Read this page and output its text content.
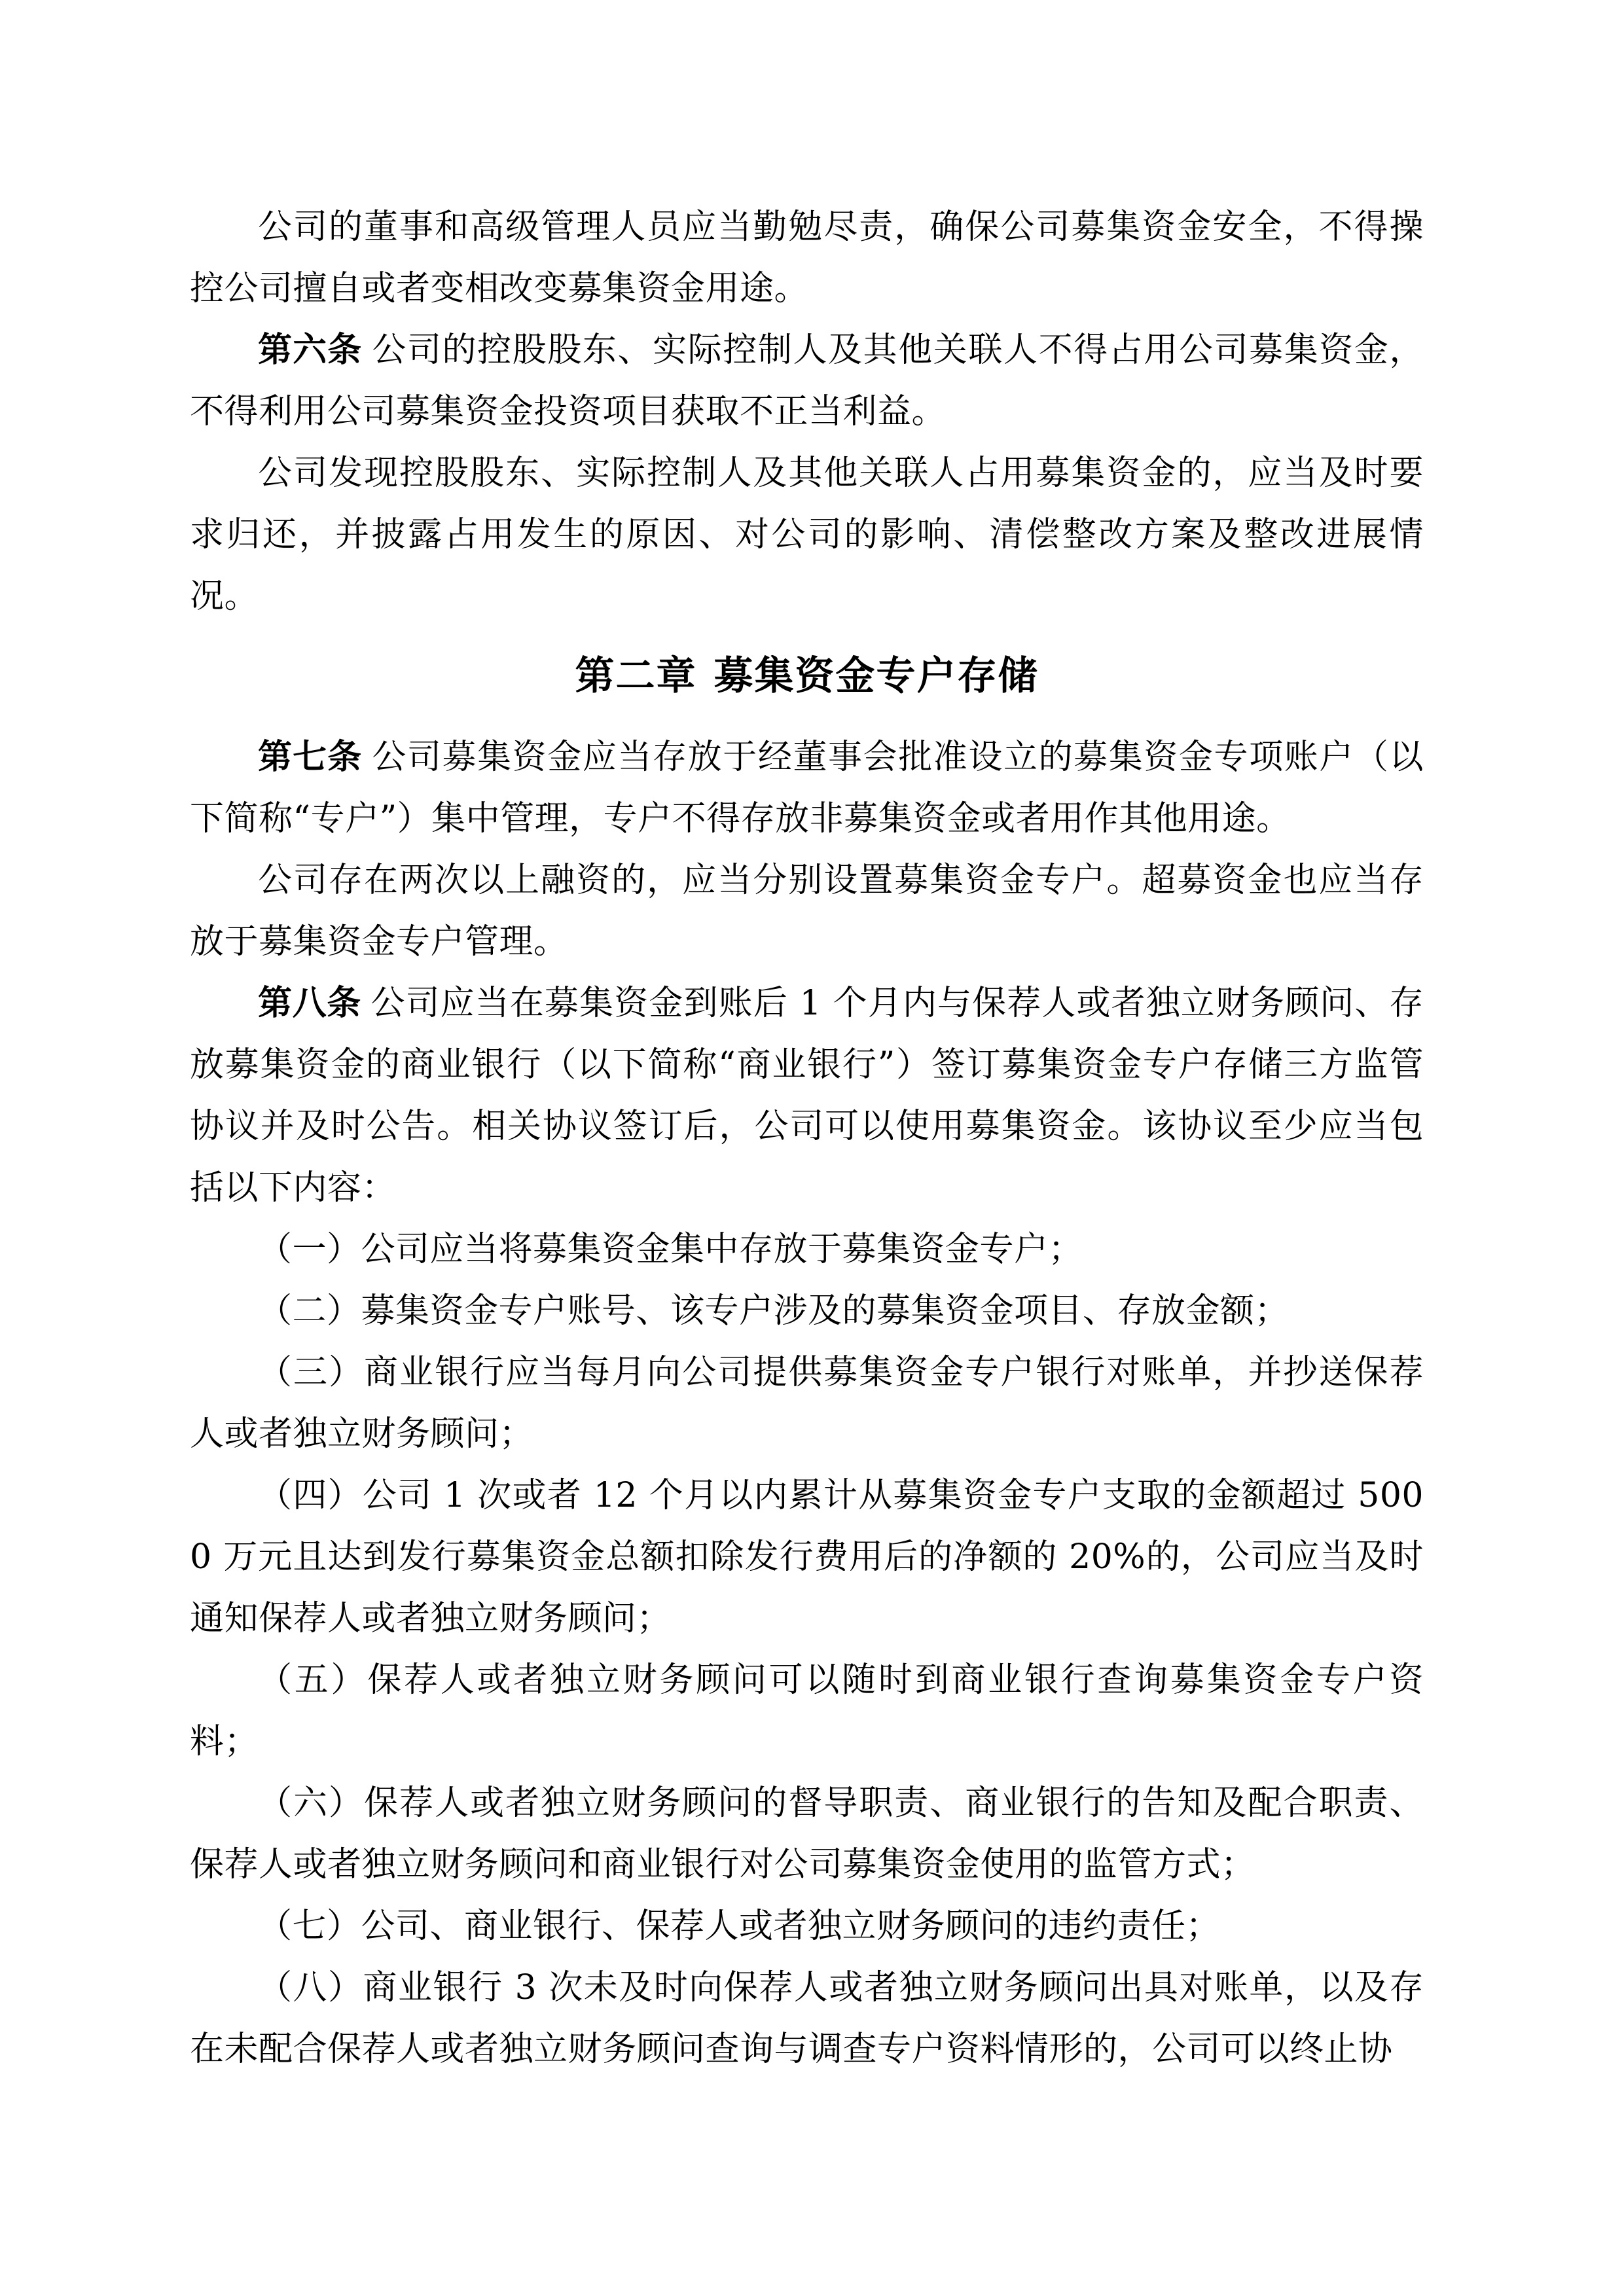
公司的董事和高级管理人员应当勤勉尽责，确保公司募集资金安全，不得操控公司擅自或者变相改变募集资金用途。

第六条 公司的控股股东、实际控制人及其他关联人不得占用公司募集资金，不得利用公司募集资金投资项目获取不正当利益。

公司发现控股股东、实际控制人及其他关联人占用募集资金的，应当及时要求归还，并披露占用发生的原因、对公司的影响、清偿整改方案及整改进展情况。

第二章 募集资金专户存储

第七条 公司募集资金应当存放于经董事会批准设立的募集资金专项账户（以下简称“专户”）集中管理，专户不得存放非募集资金或者用作其他用途。

公司存在两次以上融资的，应当分别设置募集资金专户。超募资金也应当存放于募集资金专户管理。

第八条 公司应当在募集资金到账后 1 个月内与保荐人或者独立财务顾问、存放募集资金的商业银行（以下简称“商业银行”）签订募集资金专户存储三方监管协议并及时公告。相关协议签订后，公司可以使用募集资金。该协议至少应当包括以下内容：

（一）公司应当将募集资金集中存放于募集资金专户；

（二）募集资金专户账号、该专户涉及的募集资金项目、存放金额；

（三）商业银行应当每月向公司提供募集资金专户银行对账单，并抄送保荐人或者独立财务顾问；

（四）公司 1 次或者 12 个月以内累计从募集资金专户支取的金额超过 5000 万元且达到发行募集资金总额扣除发行费用后的净额的 20%的，公司应当及时通知保荐人或者独立财务顾问；

（五）保荐人或者独立财务顾问可以随时到商业银行查询募集资金专户资料；

（六）保荐人或者独立财务顾问的督导职责、商业银行的告知及配合职责、保荐人或者独立财务顾问和商业银行对公司募集资金使用的监管方式；

（七）公司、商业银行、保荐人或者独立财务顾问的违约责任；

（八）商业银行 3 次未及时向保荐人或者独立财务顾问出具对账单，以及存在未配合保荐人或者独立财务顾问查询与调查专户资料情形的，公司可以终止协
